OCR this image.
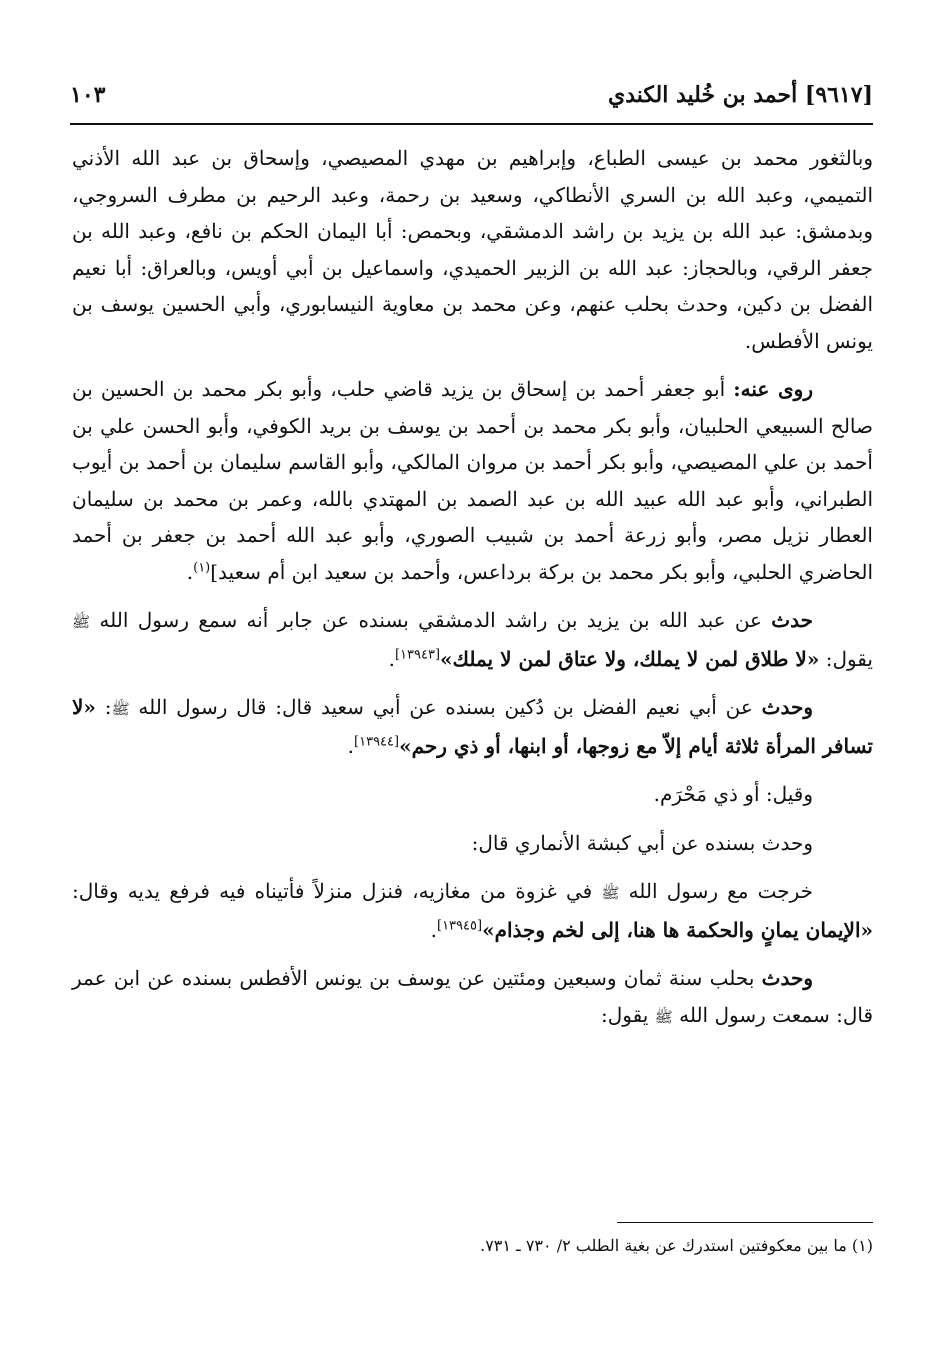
[٩٦١٧] أحمد بن خُليد الكندي
١٠٣

وبالثغور محمد بن عيسى الطباع، وإبراهيم بن مهدي المصيصي، وإسحاق بن عبد الله الأذني التميمي، وعبد الله بن السري الأنطاكي، وسعيد بن رحمة، وعبد الرحيم بن مطرف السروجي، وبدمشق: عبد الله بن يزيد بن راشد الدمشقي، وبحمص: أبا اليمان الحكم بن نافع، وعبد الله بن جعفر الرقي، وبالحجاز: عبد الله بن الزبير الحميدي، واسماعيل بن أبي أويس، وبالعراق: أبا نعيم الفضل بن دكين، وحدث بحلب عنهم، وعن محمد بن معاوية النيسابوري، وأبي الحسين يوسف بن يونس الأفطس.

روى عنه: أبو جعفر أحمد بن إسحاق بن يزيد قاضي حلب، وأبو بكر محمد بن الحسين بن صالح السبيعي الحلبيان، وأبو بكر محمد بن أحمد بن يوسف بن بريد الكوفي، وأبو الحسن علي بن أحمد بن علي المصيصي، وأبو بكر أحمد بن مروان المالكي، وأبو القاسم سليمان بن أحمد بن أيوب الطبراني، وأبو عبد الله عبيد الله بن عبد الصمد بن المهتدي بالله، وعمر بن محمد بن سليمان العطار نزيل مصر، وأبو زرعة أحمد بن شبيب الصوري، وأبو عبد الله أحمد بن جعفر بن أحمد الحاضري الحلبي، وأبو بكر محمد بن بركة برداعس، وأحمد بن سعيد ابن أم سعيد]$^{(١)}$.

حدث عن عبد الله بن يزيد بن راشد الدمشقي بسنده عن جابر أنه سمع رسول الله ﷺ يقول: «لا طلاق لمن لا يملك، ولا عتاق لمن لا يملك»[١٣٩٤٣].

وحدث عن أبي نعيم الفضل بن دُكين بسنده عن أبي سعيد قال: قال رسول الله ﷺ: «لا تسافر المرأة ثلاثة أيام إلاّ مع زوجها، أو ابنها، أو ذي رحم»[١٣٩٤٤].

وقيل: أو ذي مَحْرَم.

وحدث بسنده عن أبي كبشة الأنماري قال:

خرجت مع رسول الله ﷺ في غزوة من مغازيه، فنزل منزلاً فأتيناه فيه فرفع يديه وقال: «الإيمان يمانٍ والحكمة ها هنا، إلى لخم وجذام»[١٣٩٤٥].

وحدث بحلب سنة ثمان وسبعين ومئتين عن يوسف بن يونس الأفطس بسنده عن ابن عمر قال: سمعت رسول الله ﷺ يقول:

(١) ما بين معكوفتين استدرك عن بغية الطلب ٢/ ٧٣٠ ـ ٧٣١.
